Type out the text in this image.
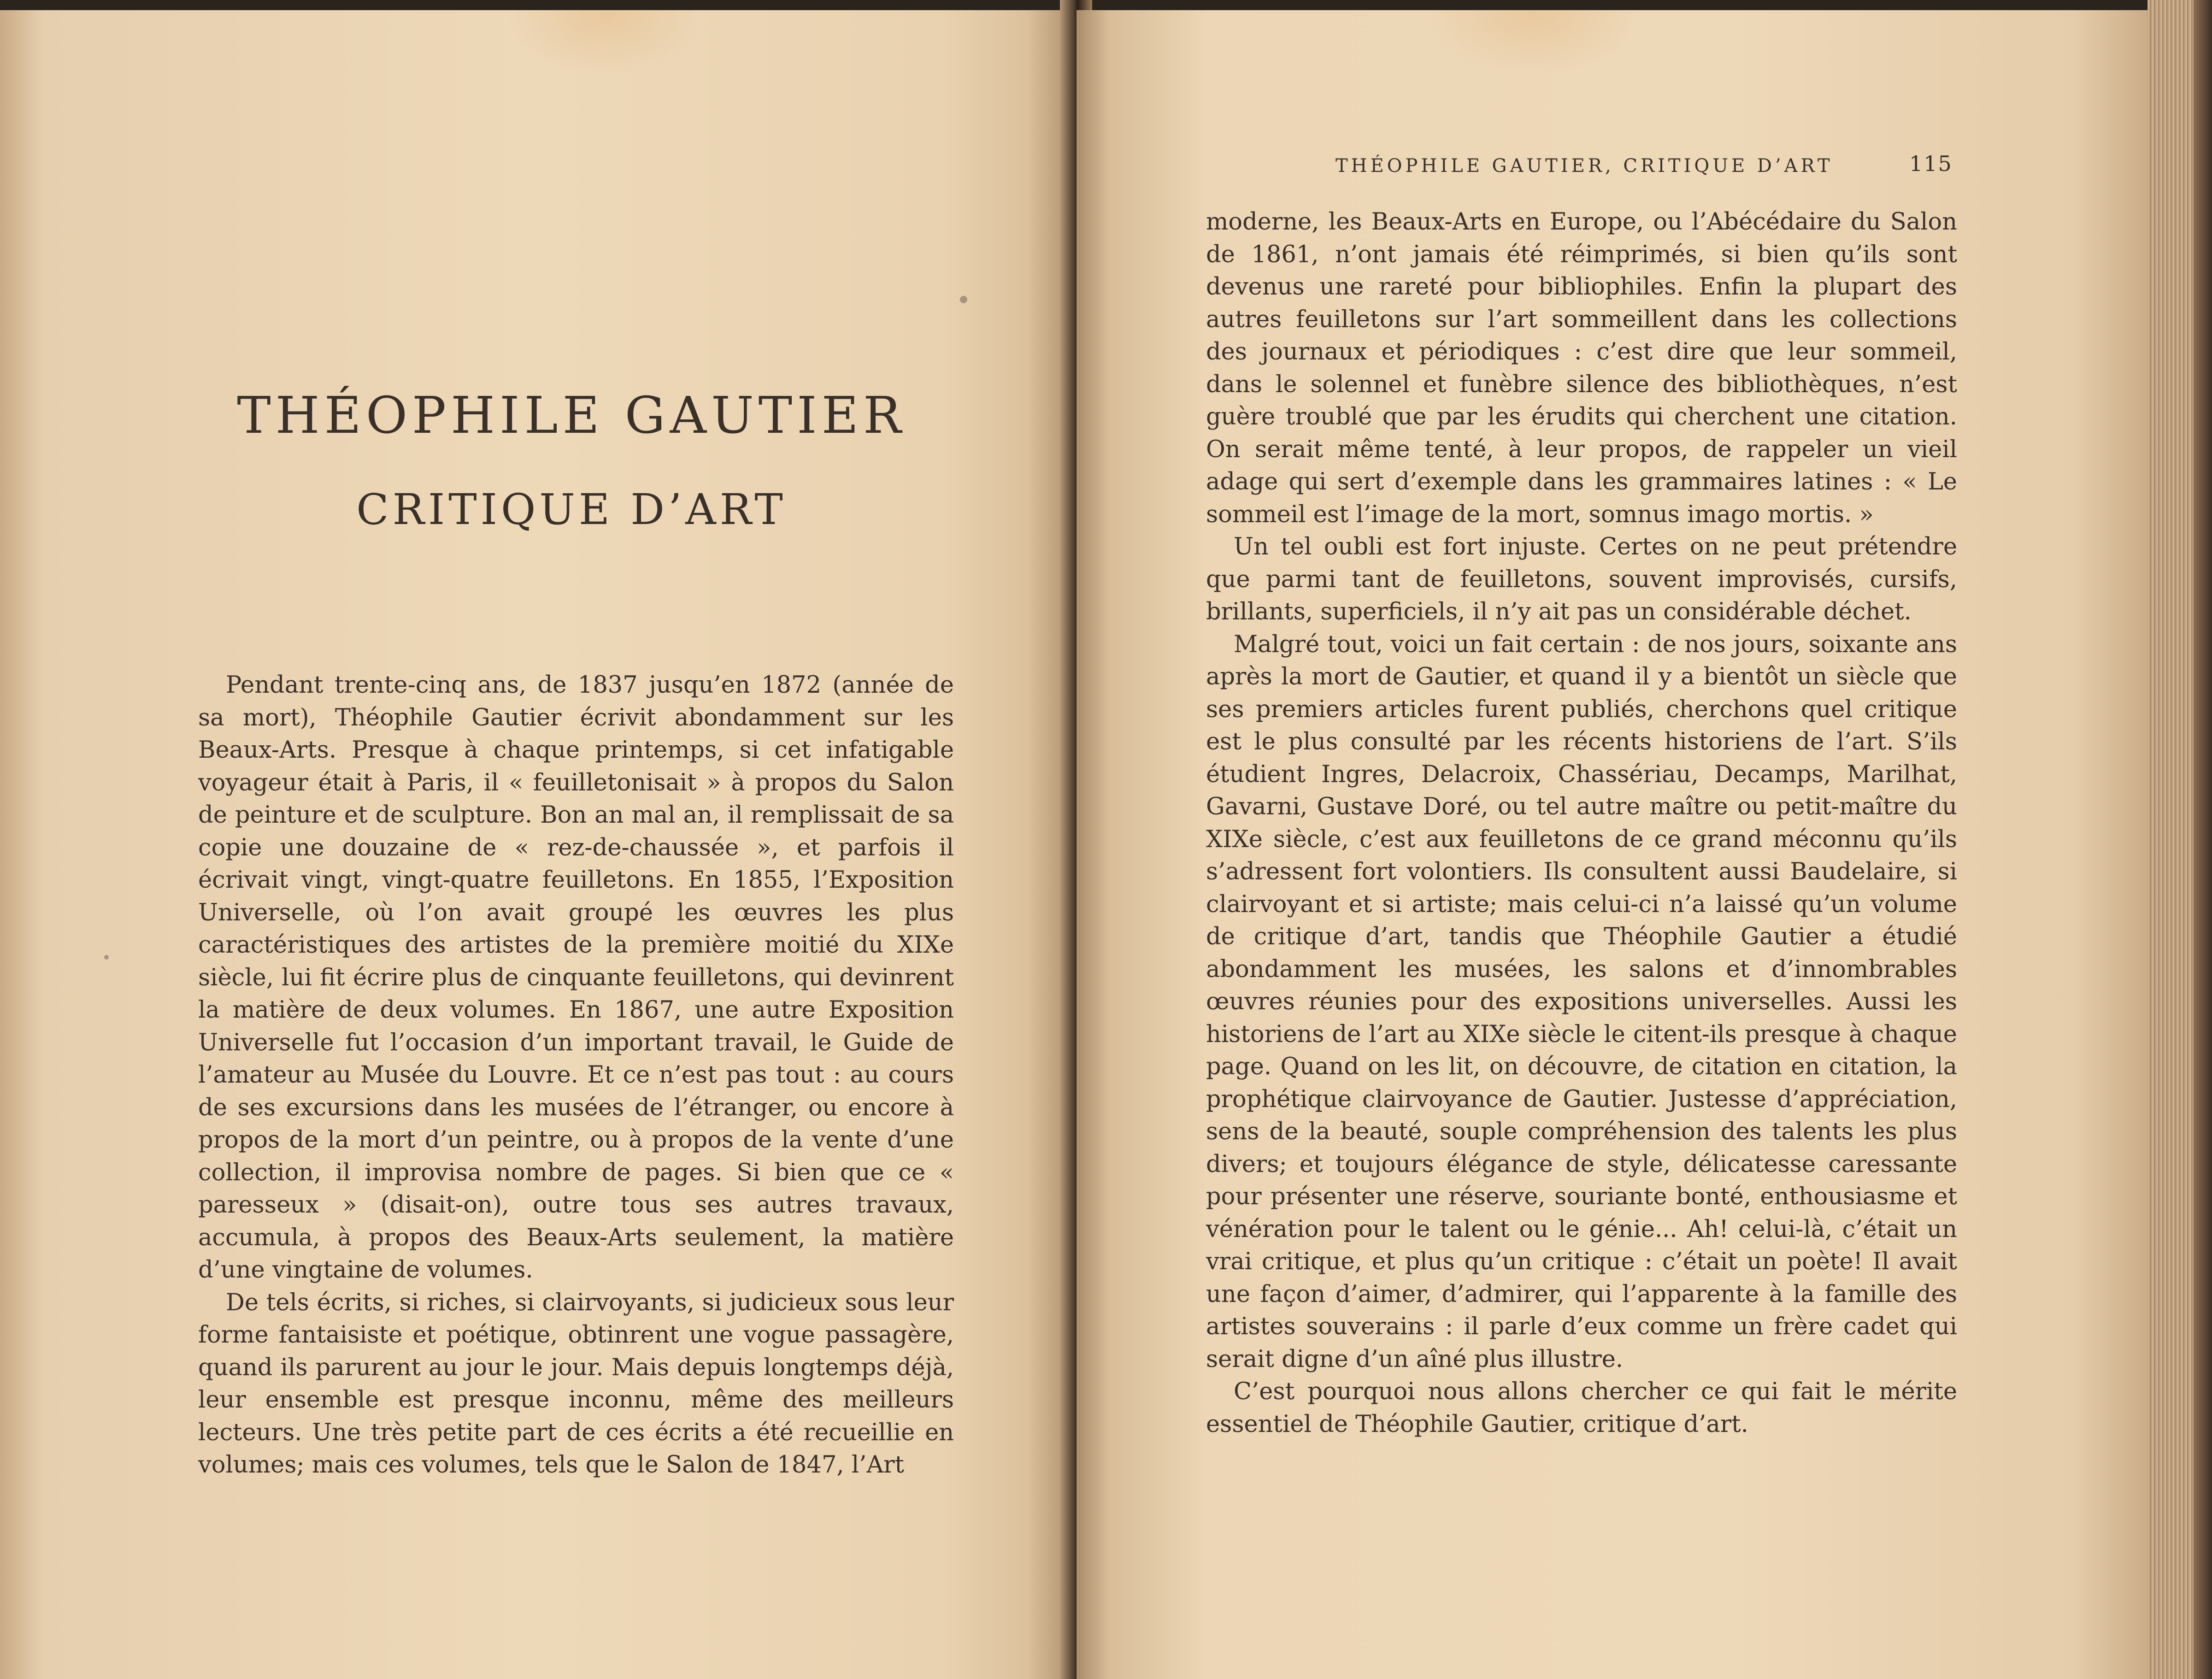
THÉOPHILE GAUTIER
CRITIQUE D’ART

Pendant trente-cinq ans, de 1837 jusqu’en 1872 (année de sa mort), Théophile Gautier écrivit abondamment sur les Beaux-Arts. Presque à chaque printemps, si cet infatigable voyageur était à Paris, il « feuilletonisait » à propos du Salon de peinture et de sculpture. Bon an mal an, il remplissait de sa copie une douzaine de « rez-de-chaussée », et parfois il écrivait vingt, vingt-quatre feuilletons. En 1855, l’Exposition Universelle, où l’on avait groupé les œuvres les plus caractéristiques des artistes de la première moitié du XIXe siècle, lui fit écrire plus de cinquante feuilletons, qui devinrent la matière de deux volumes. En 1867, une autre Exposition Universelle fut l’occasion d’un important travail, le Guide de l’amateur au Musée du Louvre. Et ce n’est pas tout : au cours de ses excursions dans les musées de l’étranger, ou encore à propos de la mort d’un peintre, ou à propos de la vente d’une collection, il improvisa nombre de pages. Si bien que ce « paresseux » (disait-on), outre tous ses autres travaux, accumula, à propos des Beaux-Arts seulement, la matière d’une vingtaine de volumes.

De tels écrits, si riches, si clairvoyants, si judicieux sous leur forme fantaisiste et poétique, obtinrent une vogue passagère, quand ils parurent au jour le jour. Mais depuis longtemps déjà, leur ensemble est presque inconnu, même des meilleurs lecteurs. Une très petite part de ces écrits a été recueillie en volumes; mais ces volumes, tels que le Salon de 1847, l’Art

THÉOPHILE GAUTIER, CRITIQUE D’ART	115

moderne, les Beaux-Arts en Europe, ou l’Abécédaire du Salon de 1861, n’ont jamais été réimprimés, si bien qu’ils sont devenus une rareté pour bibliophiles. Enfin la plupart des autres feuilletons sur l’art sommeillent dans les collections des journaux et périodiques : c’est dire que leur sommeil, dans le solennel et funèbre silence des bibliothèques, n’est guère troublé que par les érudits qui cherchent une citation. On serait même tenté, à leur propos, de rappeler un vieil adage qui sert d’exemple dans les grammaires latines : « Le sommeil est l’image de la mort, somnus imago mortis. »

Un tel oubli est fort injuste. Certes on ne peut prétendre que parmi tant de feuilletons, souvent improvisés, cursifs, brillants, superficiels, il n’y ait pas un considérable déchet.

Malgré tout, voici un fait certain : de nos jours, soixante ans après la mort de Gautier, et quand il y a bientôt un siècle que ses premiers articles furent publiés, cherchons quel critique est le plus consulté par les récents historiens de l’art. S’ils étudient Ingres, Delacroix, Chassériau, Decamps, Marilhat, Gavarni, Gustave Doré, ou tel autre maître ou petit-maître du XIXe siècle, c’est aux feuilletons de ce grand méconnu qu’ils s’adressent fort volontiers. Ils consultent aussi Baudelaire, si clairvoyant et si artiste; mais celui-ci n’a laissé qu’un volume de critique d’art, tandis que Théophile Gautier a étudié abondamment les musées, les salons et d’innombrables œuvres réunies pour des expositions universelles. Aussi les historiens de l’art au XIXe siècle le citent-ils presque à chaque page. Quand on les lit, on découvre, de citation en citation, la prophétique clairvoyance de Gautier. Justesse d’appréciation, sens de la beauté, souple compréhension des talents les plus divers; et toujours élégance de style, délicatesse caressante pour présenter une réserve, souriante bonté, enthousiasme et vénération pour le talent ou le génie... Ah! celui-là, c’était un vrai critique, et plus qu’un critique : c’était un poète! Il avait une façon d’aimer, d’admirer, qui l’apparente à la famille des artistes souverains : il parle d’eux comme un frère cadet qui serait digne d’un aîné plus illustre.

C’est pourquoi nous allons chercher ce qui fait le mérite essentiel de Théophile Gautier, critique d’art.
